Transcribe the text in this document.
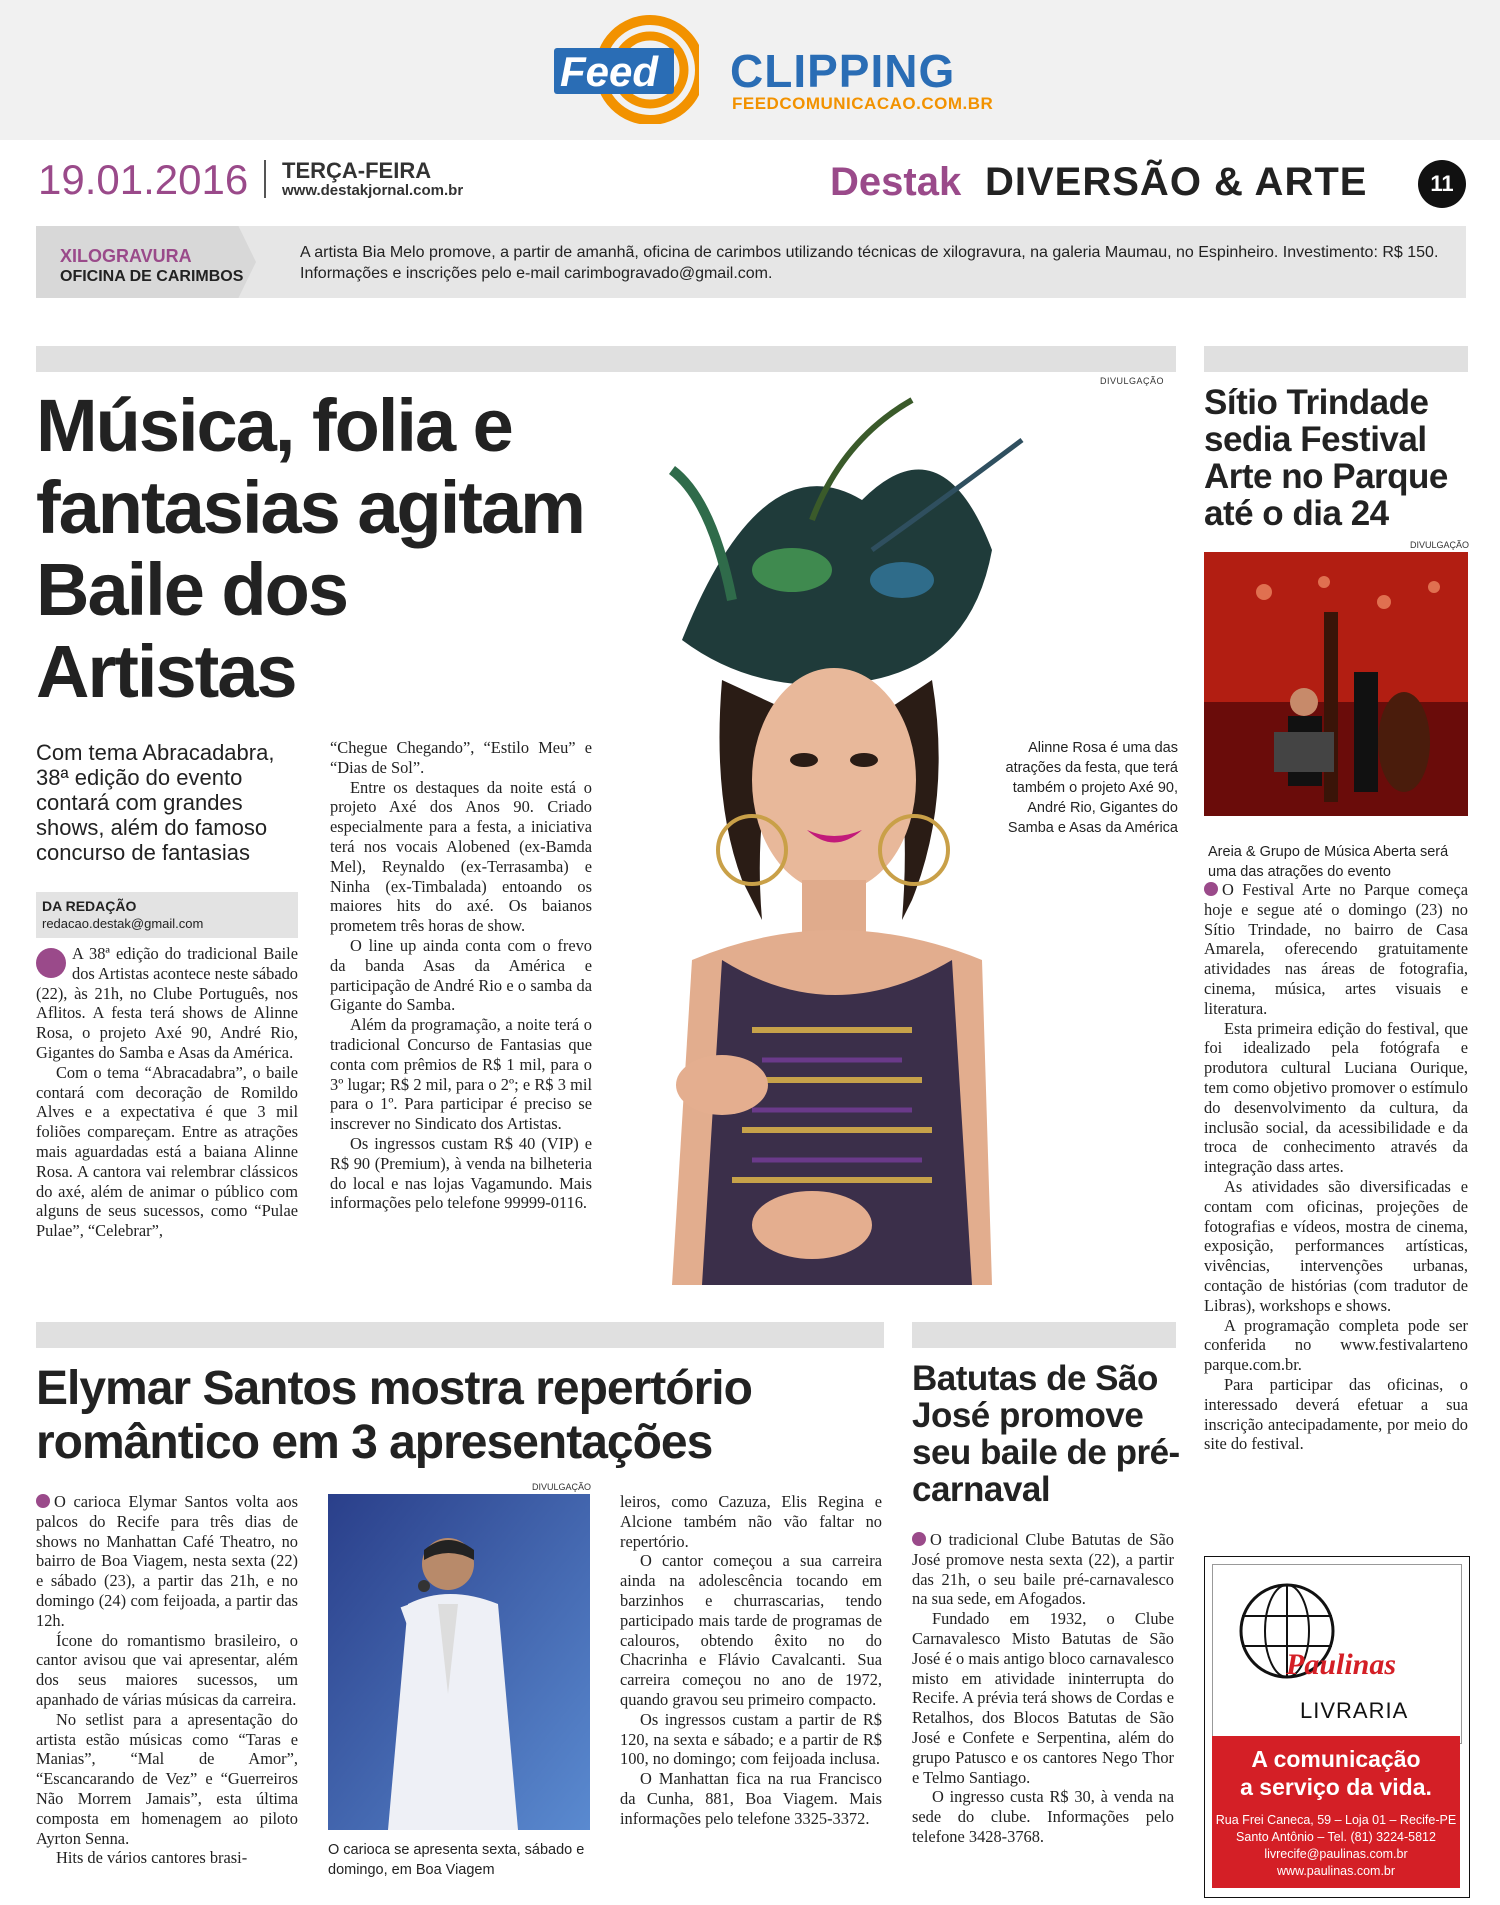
Feed CLIPPING
FEEDCOMUNICACAO.COM.BR
19.01.2016 TERÇA-FEIRA
www.destakjornal.com.br	Destak DIVERSÃO & ARTE	11
XILOGRAVURA
OFICINA DE CARIMBOS
A artista Bia Melo promove, a partir de amanhã, oficina de carimbos utilizando técnicas de xilogravura, na galeria Maumau, no Espinheiro. Investimento: R$ 150. Informações e inscrições pelo e-mail carimbogravado@gmail.com.
Música, folia e fantasias agitam Baile dos Artistas
Com tema Abracadabra, 38ª edição do evento contará com grandes shows, além do famoso concurso de fantasias
DA REDAÇÃO
redacao.destak@gmail.com

A 38ª edição do tradicional Baile dos Artistas acontece neste sábado (22), às 21h, no Clube Português, nos Aflitos. A festa terá shows de Alinne Rosa, o projeto Axé 90, André Rio, Gigantes do Samba e Asas da América.

Com o tema “Abracadabra”, o baile contará com decoração de Romildo Alves e a expectativa é que 3 mil foliões compareçam. Entre as atrações mais aguardadas está a baiana Alinne Rosa. A cantora vai relembrar clássicos do axé, além de animar o público com alguns de seus sucessos, como “Pulae Pulae”, “Celebrar”,

“Chegue Chegando”, “Estilo Meu” e “Dias de Sol”.

Entre os destaques da noite está o projeto Axé dos Anos 90. Criado especialmente para a festa, a iniciativa terá nos vocais Alobened (ex-Bamda Mel), Reynaldo (ex-Terrasamba) e Ninha (ex-Timbalada) entoando os maiores hits do axé. Os baianos prometem três horas de show.

O line up ainda conta com o frevo da banda Asas da América e participação de André Rio e o samba da Gigante do Samba.

Além da programação, a noite terá o tradicional Concurso de Fantasias que conta com prêmios de R$ 1 mil, para o 3º lugar; R$ 2 mil, para o 2º; e R$ 3 mil para o 1º. Para participar é preciso se inscrever no Sindicato dos Artistas.

Os ingressos custam R$ 40 (VIP) e R$ 90 (Premium), à venda na bilheteria do local e nas lojas Vagamundo. Mais informações pelo telefone 99999-0116.

DIVULGAÇÃO
Alinne Rosa é uma das atrações da festa, que terá também o projeto Axé 90, André Rio, Gigantes do Samba e Asas da América
Sítio Trindade sedia Festival Arte no Parque até o dia 24
DIVULGAÇÃO
Areia & Grupo de Música Aberta será uma das atrações do evento

O Festival Arte no Parque começa hoje e segue até o domingo (23) no Sítio Trindade, no bairro de Casa Amarela, oferecendo gratuitamente atividades nas áreas de fotografia, cinema, música, artes visuais e literatura.

Esta primeira edição do festival, que foi idealizado pela fotógrafa e produtora cultural Luciana Ourique, tem como objetivo promover o estímulo do desenvolvimento da cultura, da inclusão social, da acessibilidade e da troca de conhecimento através da integração dass artes.

As atividades são diversificadas e contam com oficinas, projeções de fotografias e vídeos, mostra de cinema, exposição, performances artísticas, vivências, intervenções urbanas, contação de histórias (com tradutor de Libras), workshops e shows.

A programação completa pode ser conferida no www.festivalarteno parque.com.br.

Para participar das oficinas, o interessado deverá efetuar a sua inscrição antecipadamente, por meio do site do festival.

Elymar Santos mostra repertório romântico em 3 apresentações

O carioca Elymar Santos volta aos palcos do Recife para três dias de shows no Manhattan Café Theatro, no bairro de Boa Viagem, nesta sexta (22) e sábado (23), a partir das 21h, e no domingo (24) com feijoada, a partir das 12h.

Ícone do romantismo brasileiro, o cantor avisou que vai apresentar, além dos seus maiores sucessos, um apanhado de várias músicas da carreira.

No setlist para a apresentação do artista estão músicas como “Taras e Manias”, “Mal de Amor”, “Escancarando de Vez” e “Guerreiros Não Morrem Jamais”, esta última composta em homenagem ao piloto Ayrton Senna.

Hits de vários cantores brasi-

DIVULGAÇÃO
O carioca se apresenta sexta, sábado e domingo, em Boa Viagem

leiros, como Cazuza, Elis Regina e Alcione também não vão faltar no repertório.

O cantor começou a sua carreira ainda na adolescência tocando em barzinhos e churrascarias, tendo participado mais tarde de programas de calouros, obtendo êxito no do Chacrinha e Flávio Cavalcanti. Sua carreira começou no ano de 1972, quando gravou seu primeiro compacto.

Os ingressos custam a partir de R$ 120, na sexta e sábado; e a partir de R$ 100, no domingo; com feijoada inclusa.

O Manhattan fica na rua Francisco da Cunha, 881, Boa Viagem. Mais informações pelo telefone 3325-3372.

Batutas de São José promove seu baile de pré-carnaval

O tradicional Clube Batutas de São José promove nesta sexta (22), a partir das 21h, o seu baile pré-carnavalesco na sua sede, em Afogados.

Fundado em 1932, o Clube Carnavalesco Misto Batutas de São José é o mais antigo bloco carnavalesco misto em atividade ininterrupta do Recife. A prévia terá shows de Cordas e Retalhos, dos Blocos Batutas de São José e Confete e Serpentina, além do grupo Patusco e os cantores Nego Thor e Telmo Santiago.

O ingresso custa R$ 30, à venda na sede do clube. Informações pelo telefone 3428-3768.

Paulinas
LIVRARIA
A comunicação
a serviço da vida.
Rua Frei Caneca, 59 – Loja 01 – Recife-PE
Santo Antônio – Tel. (81) 3224-5812
livrecife@paulinas.com.br
www.paulinas.com.br
